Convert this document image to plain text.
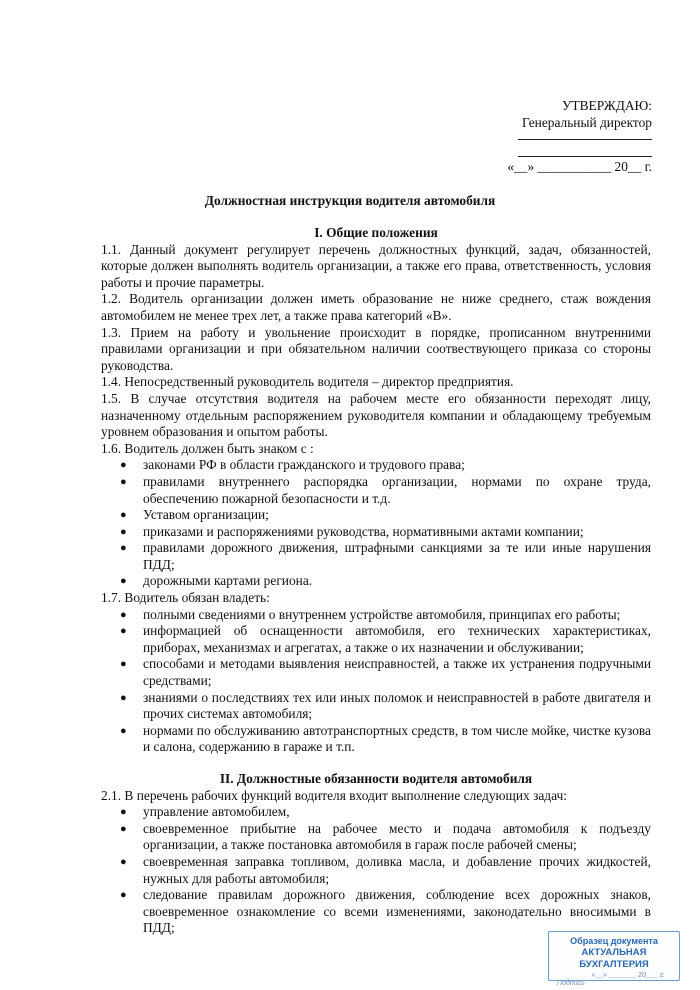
УТВЕРЖДАЮ:
Генеральный директор
«__» ___________ 20__ г.
Должностная инструкция водителя автомобиля
I. Общие положения

1.1. Данный документ регулирует перечень должностных функций, задач, обязанностей, которые должен выполнять водитель организации, а также его права, ответственность, условия работы и прочие параметры.

1.2. Водитель организации должен иметь образование не ниже среднего, стаж вождения автомобилем не менее трех лет, а также права категорий «В».

1.3. Прием на работу и увольнение происходит в порядке, прописанном внутренними правилами организации и при обязательном наличии соотвествующего приказа со стороны руководства.

1.4. Непосредственный руководитель водителя – директор предприятия.

1.5. В случае отсутствия водителя на рабочем месте его обязанности переходят лицу, назначенному отдельным распоряжением руководителя компании и обладающему требуемым уровнем образования и опытом работы.

1.6. Водитель должен быть знаком с :

● законами РФ в области гражданского и трудового права;
● правилами внутреннего распорядка организации, нормами по охране труда, обеспечению пожарной безопасности и т.д.
● Уставом организации;
● приказами и распоряжениями руководства, нормативными актами компании;
● правилами дорожного движения, штрафными санкциями за те или иные нарушения ПДД;
● дорожными картами региона.

1.7. Водитель обязан владеть:

● полными сведениями о внутреннем устройстве автомобиля, принципах его работы;
● информацией об оснащенности автомобиля, его технических характеристиках, приборах, механизмах и агрегатах, а также о их назначении и обслуживании;
● способами и методами выявления неисправностей, а также их устранения подручными средствами;
● знаниями о последствиях тех или иных поломок и неисправностей в работе двигателя и прочих системах автомобиля;
● нормами по обслуживанию автотранспортных средств, в том числе мойке, чистке кузова и салона, содержанию в гараже и т.п.
II. Должностные обязанности водителя автомобиля

2.1. В перечень рабочих функций водителя входит выполнение следующих задач:

● управление автомобилем,
● своевременное прибытие на рабочее место и подача автомобиля к подъезду организации, а также постановка автомобиля в гараж после рабочей смены;
● своевременная заправка топливом, доливка масла, и добавление прочих жидкостей, нужных для работы автомобиля;
● следование правилам дорожного движения, соблюдение всех дорожных знаков, своевременное ознакомление со всеми изменениями, законодательно вносимыми в ПДД;
Образец документа
АКТУАЛЬНАЯ БУХГАЛТЕРИЯ
«__» _______ 20___ г.
Подпись
